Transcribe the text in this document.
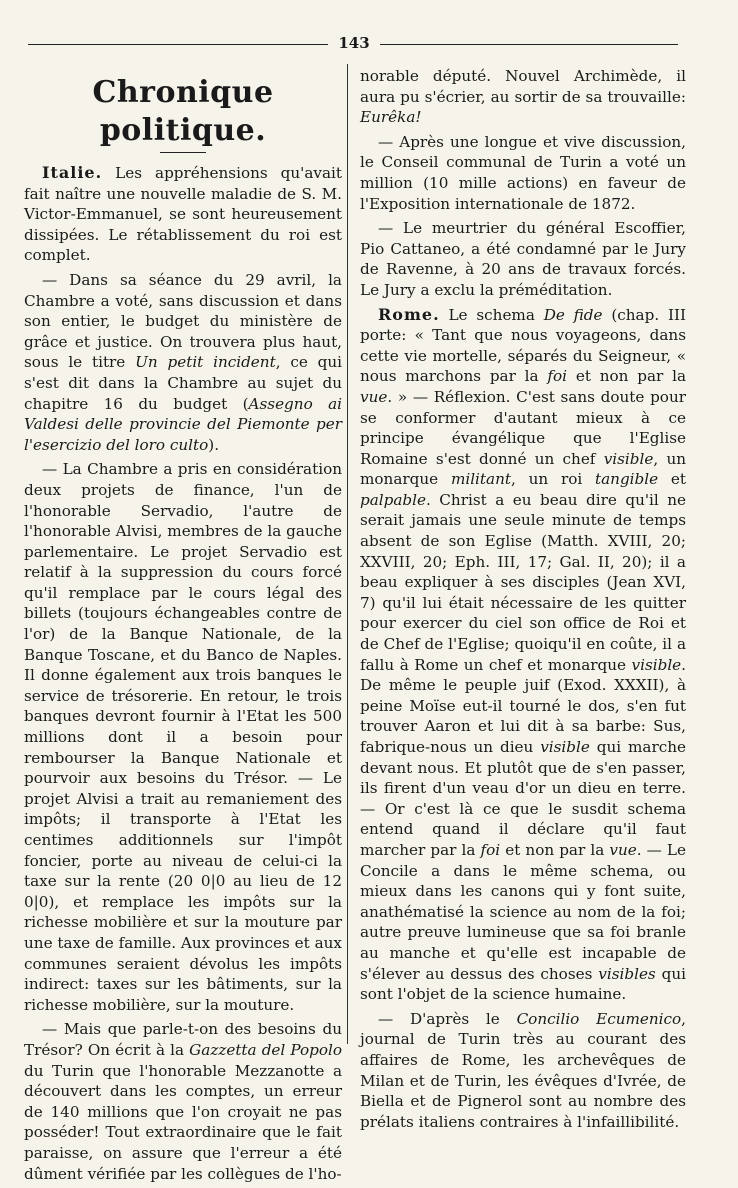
143
Chronique politique.

Italie. Les appréhensions qu'avait fait naître une nouvelle maladie de S. M. Victor-Emmanuel, se sont heureusement dissipées. Le rétablissement du roi est complet.

— Dans sa séance du 29 avril, la Chambre a voté, sans discussion et dans son entier, le budget du ministère de grâce et justice. On trouvera plus haut, sous le titre Un petit incident, ce qui s'est dit dans la Chambre au sujet du chapitre 16 du budget (Assegno ai Valdesi delle provincie del Piemonte per l'esercizio del loro culto).

— La Chambre a pris en considération deux projets de finance, l'un de l'honorable Servadio, l'autre de l'honorable Alvisi, membres de la gauche parlementaire. Le projet Servadio est relatif à la suppression du cours forcé qu'il remplace par le cours légal des billets (toujours échangeables contre de l'or) de la Banque Nationale, de la Banque Toscane, et du Banco de Naples. Il donne également aux trois banques le service de trésorerie. En retour, le trois banques devront fournir à l'Etat les 500 millions dont il a besoin pour rembourser la Banque Nationale et pourvoir aux besoins du Trésor. — Le projet Alvisi a trait au remaniement des impôts; il transporte à l'Etat les centimes additionnels sur l'impôt foncier, porte au niveau de celui-ci la taxe sur la rente (20 0|0 au lieu de 12 0|0), et remplace les impôts sur la richesse mobilière et sur la mouture par une taxe de famille. Aux provinces et aux communes seraient dévolus les impôts indirect: taxes sur les bâtiments, sur la richesse mobilière, sur la mouture.

— Mais que parle-t-on des besoins du Trésor? On écrit à la Gazzetta del Popolo du Turin que l'honorable Mezzanotte a découvert dans les comptes, un erreur de 140 millions que l'on croyait ne pas posséder! Tout extraordinaire que le fait paraisse, on assure que l'erreur a été dûment vérifiée par les collègues de l'ho-

norable député. Nouvel Archimède, il aura pu s'écrier, au sortir de sa trouvaille: Eurêka!

— Après une longue et vive discussion, le Conseil communal de Turin a voté un million (10 mille actions) en faveur de l'Exposition internationale de 1872.

— Le meurtrier du général Escoffier, Pio Cattaneo, a été condamné par le Jury de Ravenne, à 20 ans de travaux forcés. Le Jury a exclu la préméditation.

Rome. Le schema De fide (chap. III porte: « Tant que nous voyageons, dans cette vie mortelle, séparés du Seigneur, « nous marchons par la foi et non par la vue. » — Réflexion. C'est sans doute pour se conformer d'autant mieux à ce principe évangélique que l'Eglise Romaine s'est donné un chef visible, un monarque militant, un roi tangible et palpable. Christ a eu beau dire qu'il ne serait jamais une seule minute de temps absent de son Eglise (Matth. XVIII, 20; XXVIII, 20; Eph. III, 17; Gal. II, 20); il a beau expliquer à ses disciples (Jean XVI, 7) qu'il lui était nécessaire de les quitter pour exercer du ciel son office de Roi et de Chef de l'Eglise; quoiqu'il en coûte, il a fallu à Rome un chef et monarque visible. De même le peuple juif (Exod. XXXII), à peine Moïse eut-il tourné le dos, s'en fut trouver Aaron et lui dit à sa barbe: Sus, fabrique-nous un dieu visible qui marche devant nous. Et plutôt que de s'en passer, ils firent d'un veau d'or un dieu en terre. — Or c'est là ce que le susdit schema entend quand il déclare qu'il faut marcher par la foi et non par la vue. — Le Concile a dans le même schema, ou mieux dans les canons qui y font suite, anathématisé la science au nom de la foi; autre preuve lumineuse que sa foi branle au manche et qu'elle est incapable de s'élever au dessus des choses visibles qui sont l'objet de la science humaine.

— D'après le Concilio Ecumenico, journal de Turin très au courant des affaires de Rome, les archevêques de Milan et de Turin, les évêques d'Ivrée, de Biella et de Pignerol sont au nombre des prélats italiens contraires à l'infaillibilité.
